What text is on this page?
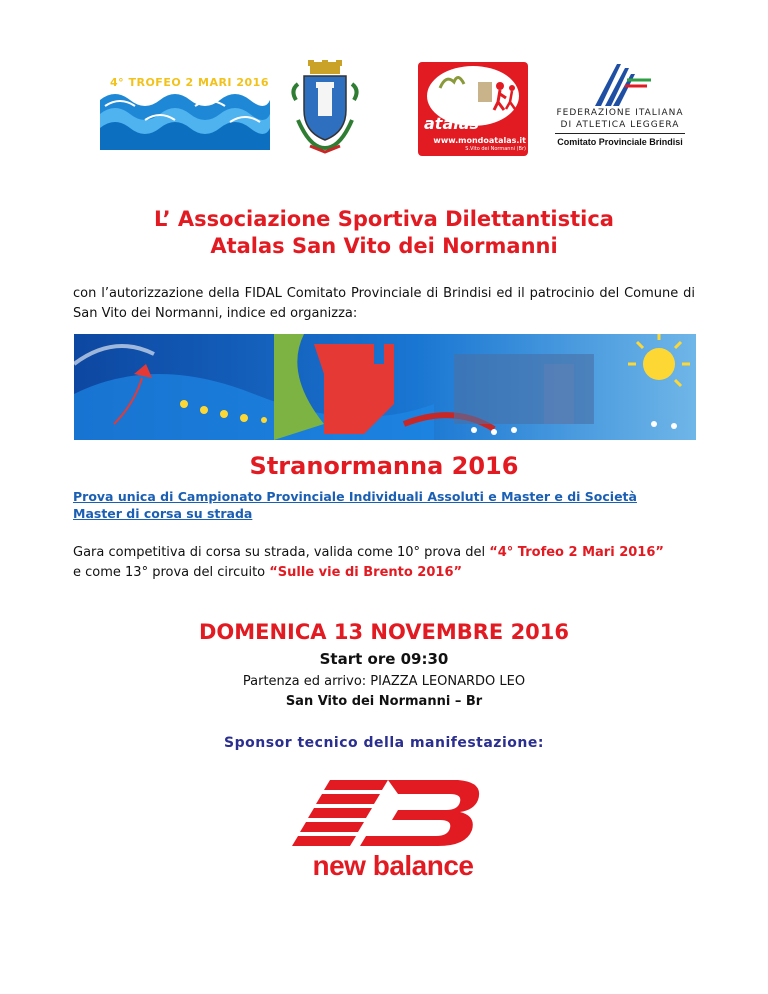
4° TROFEO 2 MARI 2016
atalas
www.mondoatalas.it
S.Vito dei Normanni (Br)
FEDERAZIONE ITALIANA
DI ATLETICA LEGGERA
Comitato Provinciale Brindisi
L’ Associazione Sportiva Dilettantistica
Atalas San Vito dei Normanni

con l’autorizzazione della FIDAL Comitato Provinciale di Brindisi ed il patrocinio del Comune di San Vito dei Normanni, indice ed organizza:

Stranormanna 2016

Prova unica di Campionato Provinciale Individuali Assoluti e Master e di Società

Master di corsa su strada

Gara competitiva di corsa su strada, valida come 10° prova del “4° Trofeo 2 Mari 2016”
e come 13° prova del circuito “Sulle vie di Brento 2016”
DOMENICA 13 NOVEMBRE 2016
Start ore 09:30
Partenza ed arrivo: PIAZZA LEONARDO LEO
San Vito dei Normanni – Br
Sponsor tecnico della manifestazione:
new balance
